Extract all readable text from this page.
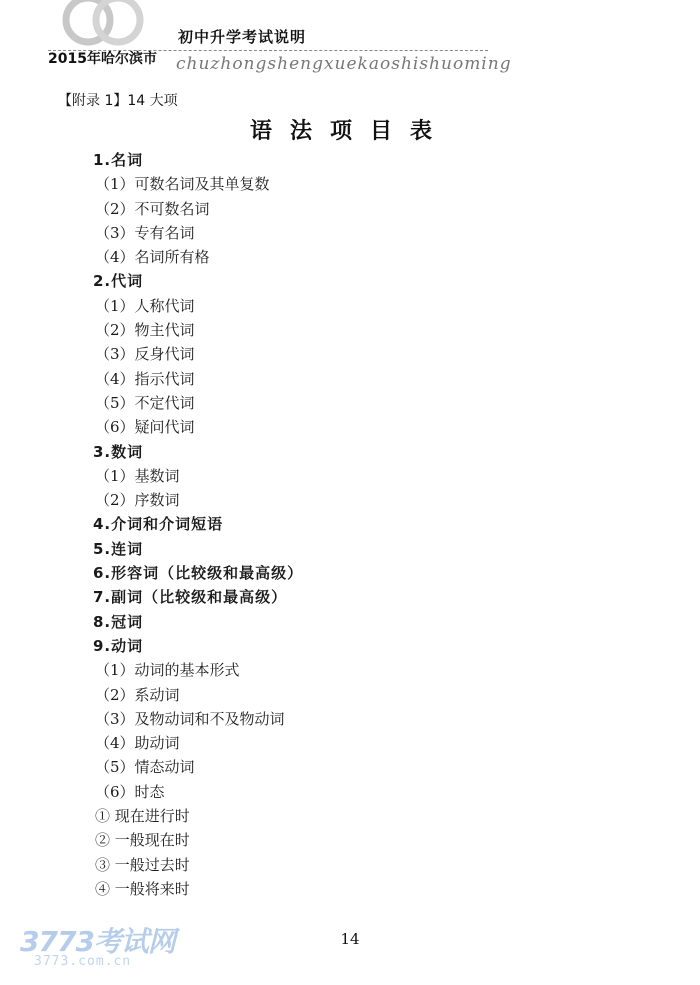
2015年哈尔滨市
初中升学考试说明
chuzhongshengxuekaoshishuoming
【附录 1】14 大项
语法项目表
1.名词
（1）可数名词及其单复数
（2）不可数名词
（3）专有名词
（4）名词所有格
2.代词
（1）人称代词
（2）物主代词
（3）反身代词
（4）指示代词
（5）不定代词
（6）疑问代词
3.数词
（1）基数词
（2）序数词
4.介词和介词短语
5.连词
6.形容词（比较级和最高级）
7.副词（比较级和最高级）
8.冠词
9.动词
（1）动词的基本形式
（2）系动词
（3）及物动词和不及物动词
（4）助动词
（5）情态动词
（6）时态
① 现在进行时
② 一般现在时
③ 一般过去时
④ 一般将来时
14
3773考试网
3773.com.cn
